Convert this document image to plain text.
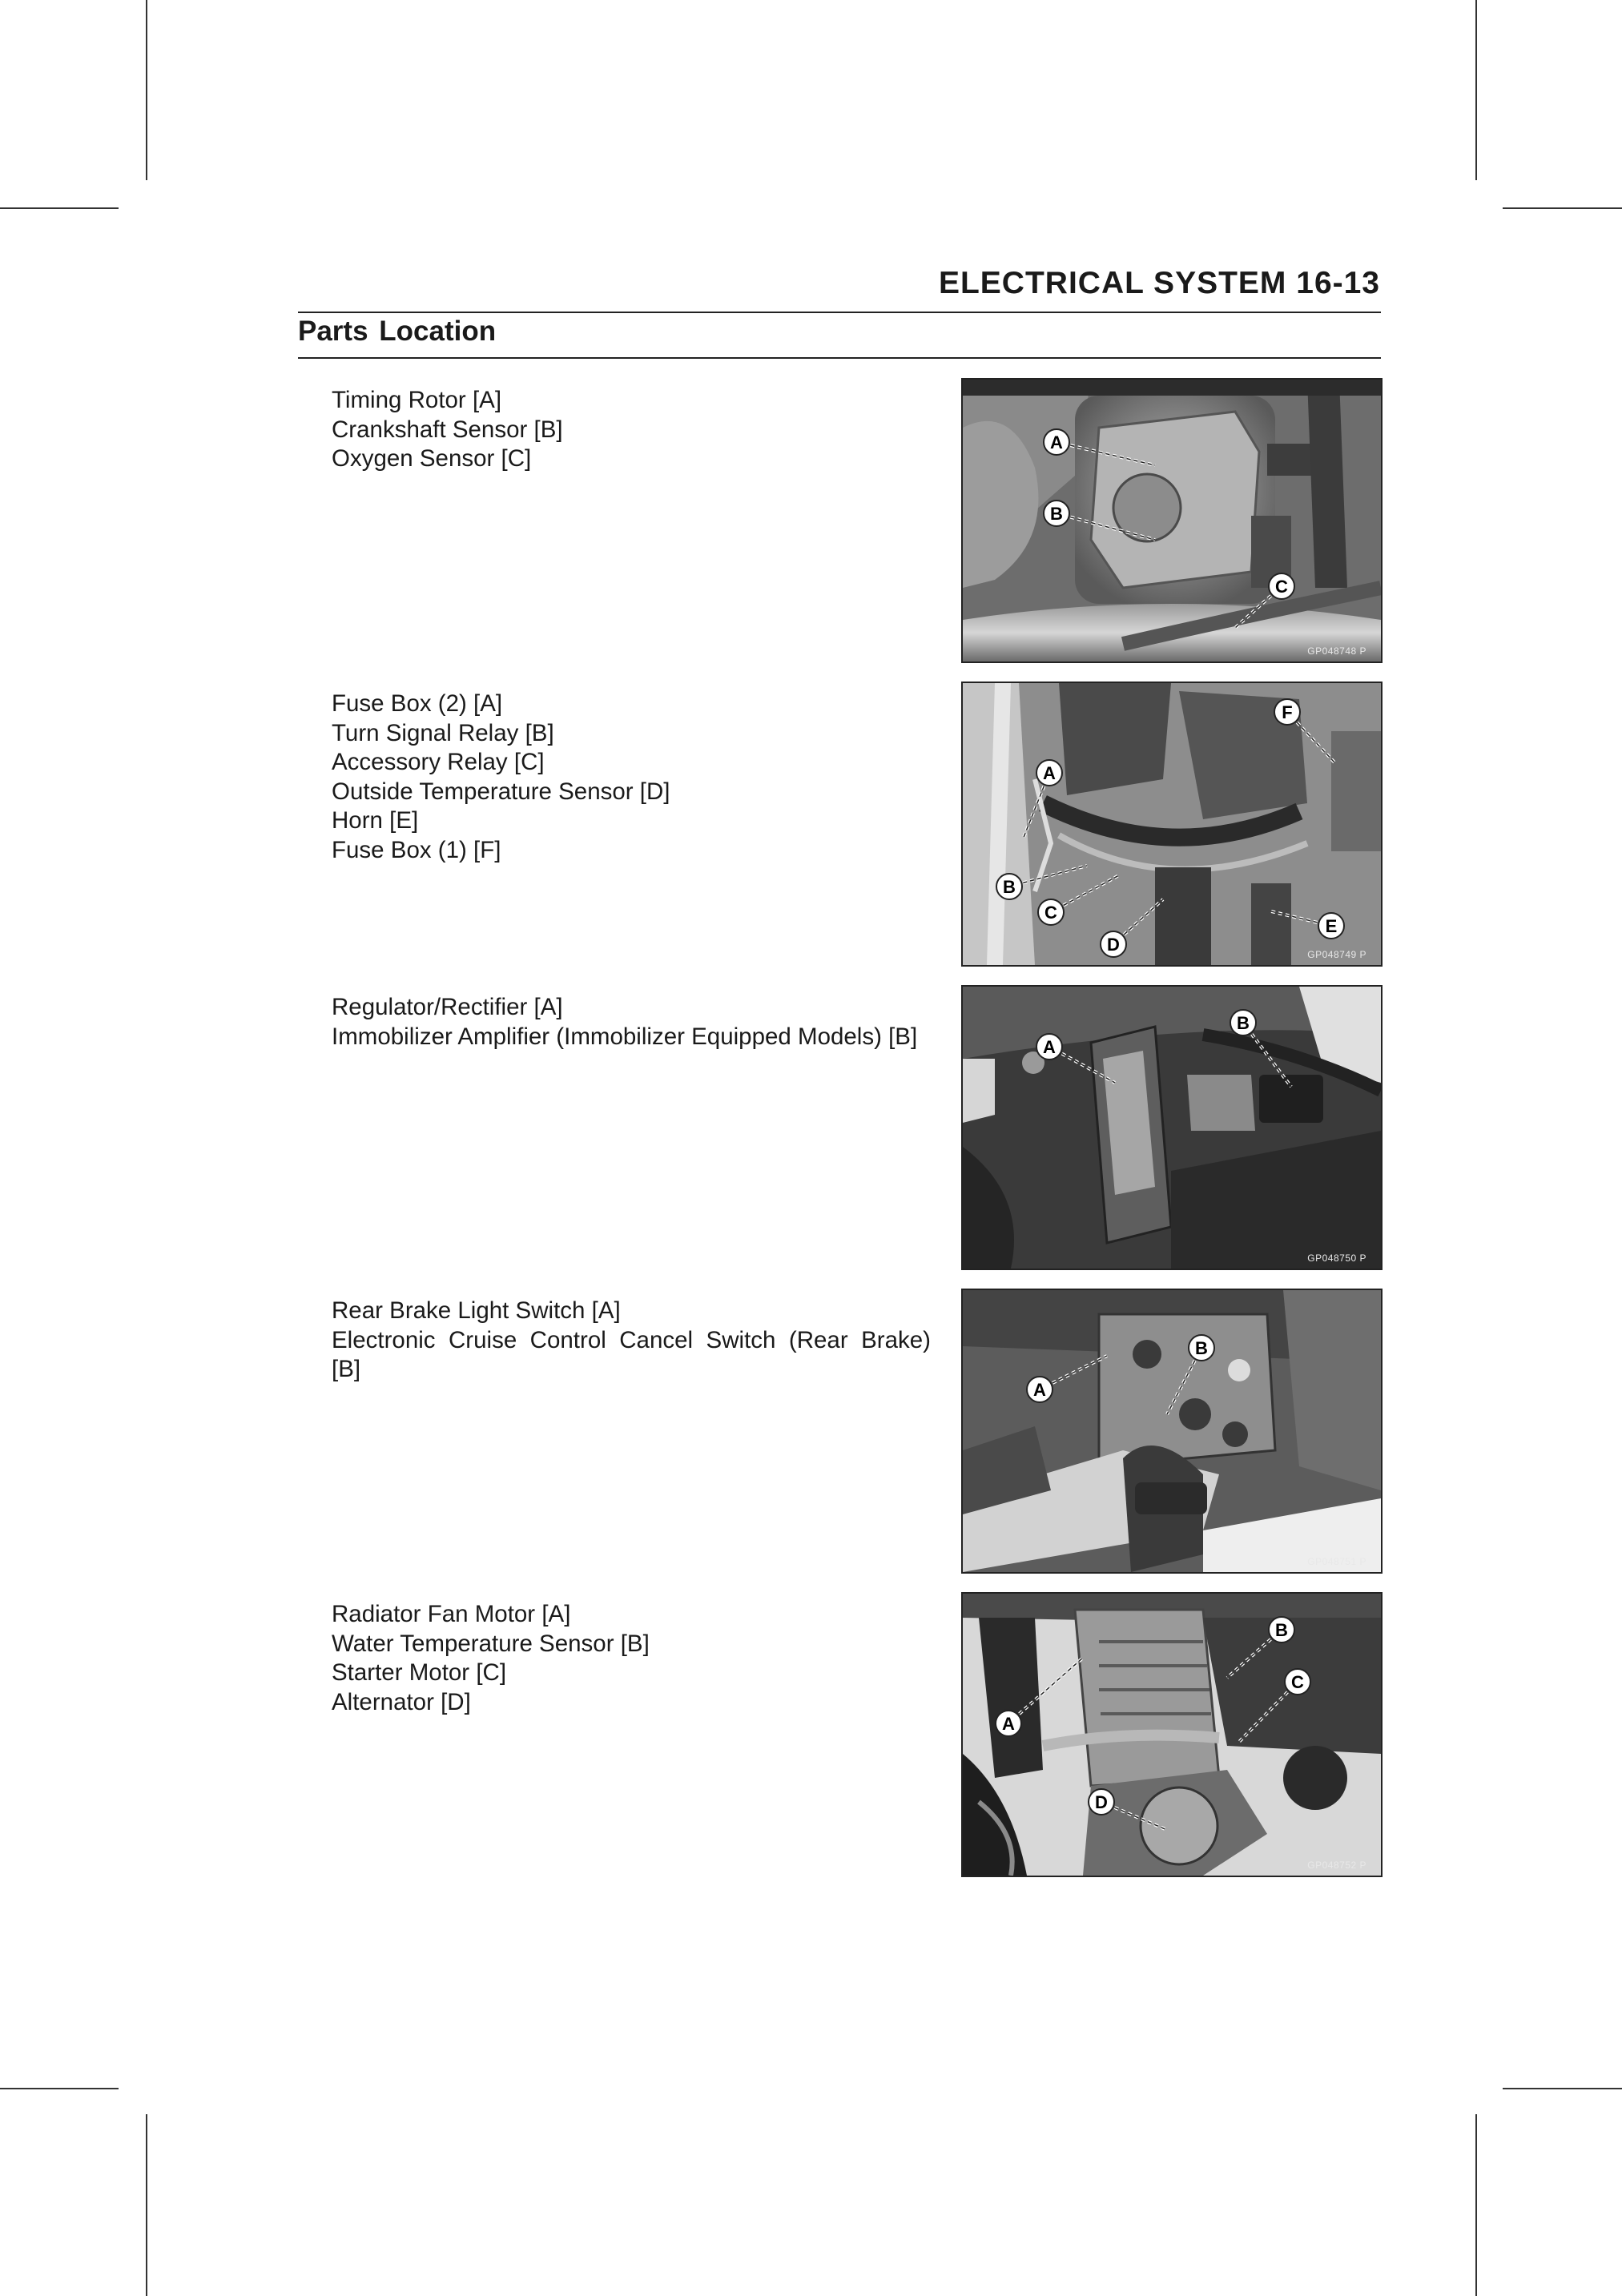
ELECTRICAL SYSTEM 16-13
Parts Location
Timing Rotor [A]
Crankshaft Sensor [B]
Oxygen Sensor [C]
A
B
C
GP04874​8 P
Fuse Box (2) [A]
Turn Signal Relay [B]
Accessory Relay [C]
Outside Temperature Sensor [D]
Horn [E]
Fuse Box (1) [F]
A
B
C
D
E
F
GP048749 P
Regulator/Rectifier [A]
Immobilizer Amplifier (Immobilizer Equipped Models) [B]	A
B
GP048750 P
Rear Brake Light Switch [A]
Electronic Cruise Control Cancel Switch (Rear Brake)
[B]
A
B
GP048751 P
Radiator Fan Motor [A]
Water Temperature Sensor [B]
Starter Motor [C]
Alternator [D]
A
B
C
D
GP048752 P
